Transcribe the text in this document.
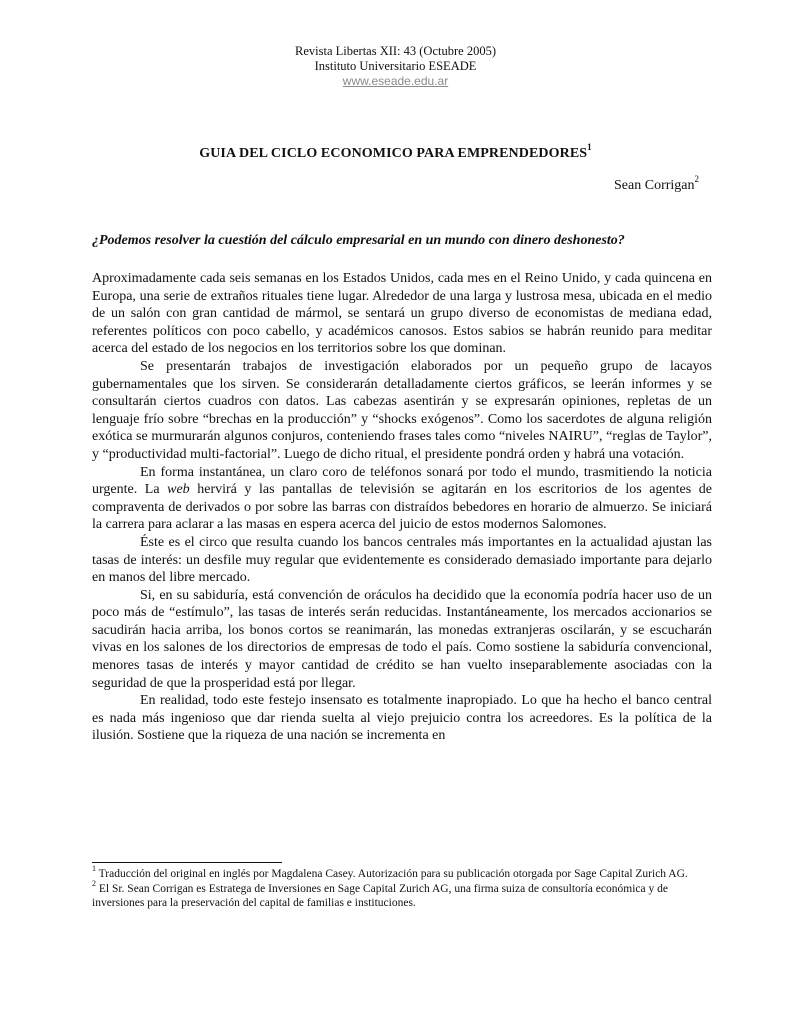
Revista Libertas XII: 43 (Octubre 2005)
Instituto Universitario ESEADE
www.eseade.edu.ar
GUIA DEL CICLO ECONOMICO PARA EMPRENDEDORES$^1$
Sean Corrigan$^2$
¿Podemos resolver la cuestión del cálculo empresarial en un mundo con dinero deshonesto?

Aproximadamente cada seis semanas en los Estados Unidos, cada mes en el Reino Unido, y cada quincena en Europa, una serie de extraños rituales tiene lugar. Alrededor de una larga y lustrosa mesa, ubicada en el medio de un salón con gran cantidad de mármol, se sentará un grupo diverso de economistas de mediana edad, referentes políticos con poco cabello, y académicos canosos. Estos sabios se habrán reunido para meditar acerca del estado de los negocios en los territorios sobre los que dominan.

Se presentarán trabajos de investigación elaborados por un pequeño grupo de lacayos gubernamentales que los sirven. Se considerarán detalladamente ciertos gráficos, se leerán informes y se consultarán ciertos cuadros con datos. Las cabezas asentirán y se expresarán opiniones, repletas de un lenguaje frío sobre “brechas en la producción” y “shocks exógenos”. Como los sacerdotes de alguna religión exótica se murmurarán algunos conjuros, conteniendo frases tales como “niveles NAIRU”, “reglas de Taylor”, y “productividad multi-factorial”. Luego de dicho ritual, el presidente pondrá orden y habrá una votación.

En forma instantánea, un claro coro de teléfonos sonará por todo el mundo, trasmitiendo la noticia urgente. La web hervirá y las pantallas de televisión se agitarán en los escritorios de los agentes de compraventa de derivados o por sobre las barras con distraídos bebedores en horario de almuerzo. Se iniciará la carrera para aclarar a las masas en espera acerca del juicio de estos modernos Salomones.

Éste es el circo que resulta cuando los bancos centrales más importantes en la actualidad ajustan las tasas de interés: un desfile muy regular que evidentemente es considerado demasiado importante para dejarlo en manos del libre mercado.

Si, en su sabiduría, está convención de oráculos ha decidido que la economía podría hacer uso de un poco más de “estímulo”, las tasas de interés serán reducidas. Instantáneamente, los mercados accionarios se sacudirán hacia arriba, los bonos cortos se reanimarán, las monedas extranjeras oscilarán, y se escucharán vivas en los salones de los directorios de empresas de todo el país. Como sostiene la sabiduría convencional, menores tasas de interés y mayor cantidad de crédito se han vuelto inseparablemente asociadas con la seguridad de que la prosperidad está por llegar.

En realidad, todo este festejo insensato es totalmente inapropiado. Lo que ha hecho el banco central es nada más ingenioso que dar rienda suelta al viejo prejuicio contra los acreedores. Es la política de la ilusión. Sostiene que la riqueza de una nación se incrementa en

$^1$ Traducción del original en inglés por Magdalena Casey. Autorización para su publicación otorgada por Sage Capital Zurich AG.

$^2$ El Sr. Sean Corrigan es Estratega de Inversiones en Sage Capital Zurich AG, una firma suiza de consultoría económica y de inversiones para la preservación del capital de familias e instituciones.
